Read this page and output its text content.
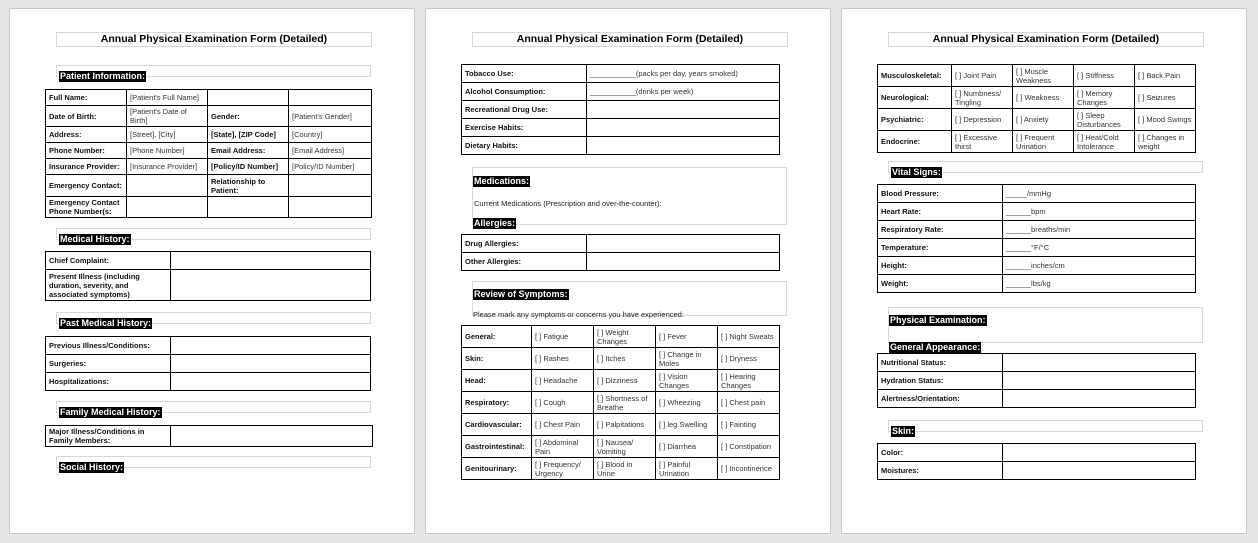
Annual Physical Examination Form (Detailed)
Patient Information:
Full Name:	[Patient's Full Name]		
Date of Birth:	[Patient's Date of Birth]	Gender:	[Patient's Gender]
Address:	[Street], [City]	[State], [ZIP Code]	[Country]
Phone Number:	[Phone Number]	Email Address:	[Email Address]
Insurance Provider:	[Insurance Provider]	[Policy/ID Number]	[Policy/ID Number]
Emergency Contact:		Relationship to Patient:	
Emergency Contact Phone Number(s:			
Medical History:
Chief Complaint:	
Present Illness (including duration, severity, and associated symptoms)	
Past Medical History:
Previous Illness/Conditions:	
Surgeries:	
Hospitalizations:	
Family Medical History:
Major Illness/Conditions in Family Members:	
Social History:
Annual Physical Examination Form (Detailed)
Tobacco Use:	___________(packs per day, years smoked)
Alcohol Consumption:	___________(drinks per week)
Recreational Drug Use:	
Exercise Habits:	
Dietary Habits:	
Medications:
Current Medications (Prescription and over-the-counter):
Allergies:
Drug Allergies:	
Other Allergies:	
Review of Symptoms:
Please mark any symptoms or concerns you have experienced:
General:	[ ] Fatigue	[ ] Weight Changes	[ ] Fever	[ ] Night Sweats
Skin:	[ ] Rashes	[ ] Itches	[ ] Change in Moles	[ ] Dryness
Head:	[ ] Headache	[ ] Dizziness	[ ] Vision Changes	[ ] Hearing Changes
Respiratory:	[ ] Cough	[ ] Shortness of Breathe	[ ] Wheezing	[ ] Chest pain
Cardiovascular:	[ ] Chest Pain	[ ] Palpitations	[ ] leg Swelling	[ ] Fainting
Gastrointestinal:	[ ] Abdominal Pain	[ ] Nausea/ Vomiting	[ ] Diarrhea	[ ] Constipation
Genitourinary:	[ ] Frequency/ Urgency	[ ] Blood in Urine	[ ] Painful Urination	[ ] Incontinence
Annual Physical Examination Form (Detailed)
Musculoskeletal:	[ ] Joint Pain	[ ] Muscle Weakness	[ ] Stiffness	[ ] Back Pain
Neurological:	[ ] Numbness/ Tingling	[ ] Weakness	[ ] Memory Changes	[ ] Seizures
Psychiatric:	[ ] Depression	[ ] Anxiety	[ ] Sleep Disturbances	[ ] Mood Swings
Endocrine:	[ ] Excessive thirst	[ ] Frequent Urination	[ ] Heat/Cold Intolerance	[ ] Changes in weight
Vital Signs:
Blood Pressure:	_____/mmHg
Heart Rate:	______bpm
Respiratory Rate:	______breaths/min
Temperature:	______°F/°C
Height:	______inches/cm
Weight:	______lbs/kg
Physical Examination:
General Appearance:
Nutritional Status:	
Hydration Status:	
Alertness/Orientation:	
Skin:
Color:	
Moistures:	
